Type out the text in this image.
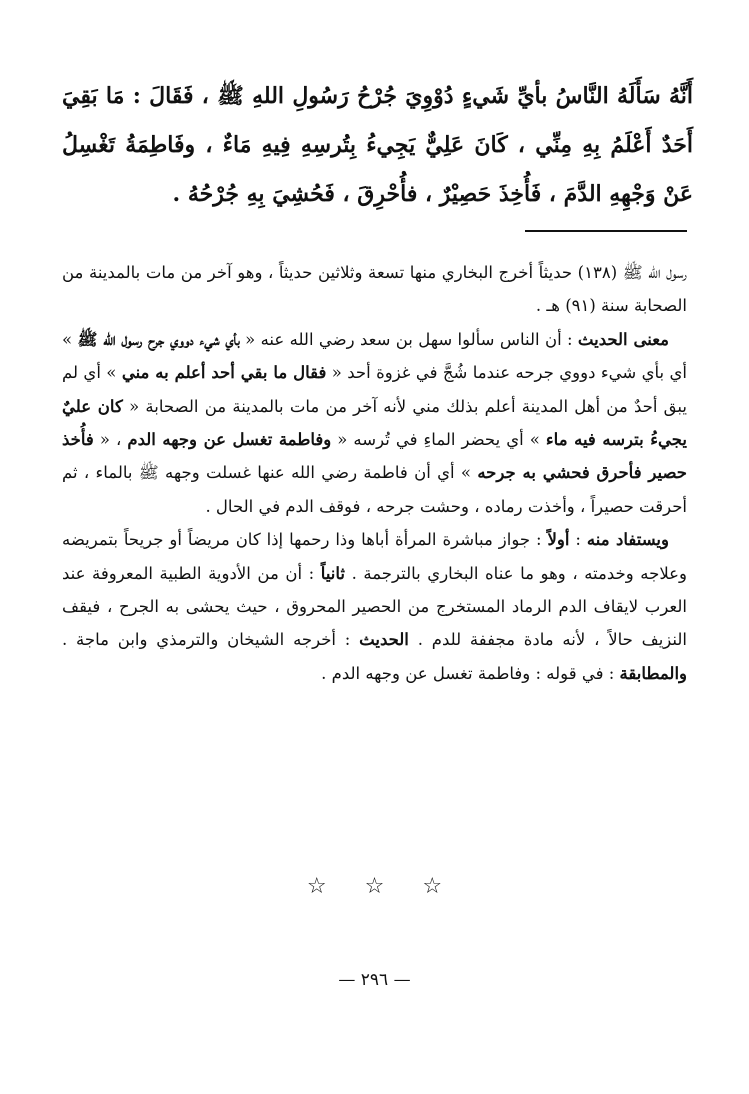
أَنَّهُ سَأَلَهُ النَّاسُ بأيِّ شَيءٍ دُوْوِيَ جُرْحُ رَسُولِ اللهِ ﷺ ، فَقَالَ : مَا بَقِيَ أَحَدٌ أَعْلَمُ بِهِ مِنِّي ، كَانَ عَلِيٌّ يَجِيءُ بِتُرسِهِ فِيهِ مَاءٌ ، وفَاطِمَةُ تَغْسِلُ عَنْ وَجْهِهِ الدَّمَ ، فَأُخِذَ حَصِيْرٌ ، فأُحْرِقَ ، فَحُشِيَ بِهِ جُرْحُهُ .

رسول الله ﷺ (١٣٨) حديثاً أخرج البخاري منها تسعة وثلاثين حديثاً ، وهو آخر من مات بالمدينة من الصحابة سنة (٩١) هـ .

معنى الحديث : أن الناس سألوا سهل بن سعد رضي الله عنه « بأي شيء دووي جرح رسول الله ﷺ » أي بأي شيء دووي جرحه عندما شُجَّ في غزوة أحد « فقال ما بقي أحد أعلم به مني » أي لم يبق أحدٌ من أهل المدينة أعلم بذلك مني لأنه آخر من مات بالمدينة من الصحابة « كان عليٌ يجيءُ بترسه فيه ماء » أي يحضر الماءِ في تُرسه « وفاطمة تغسل عن وجهه الدم ، « فأُخذ حصير فأحرق فحشي به جرحه » أي أن فاطمة رضي الله عنها غسلت وجهه ﷺ بالماء ، ثم أحرقت حصيراً ، وأخذت رماده ، وحشت جرحه ، فوقف الدم في الحال .

ويستفاد منه : أولاً : جواز مباشرة المرأة أباها وذا رحمها إذا كان مريضاً أو جريحاً بتمريضه وعلاجه وخدمته ، وهو ما عناه البخاري بالترجمة . ثانياً : أن من الأدوية الطبية المعروفة عند العرب لايقاف الدم الرماد المستخرج من الحصير المحروق ، حيث يحشى به الجرح ، فيقف النزيف حالاً ، لأنه مادة مجففة للدم . الحديث : أخرجه الشيخان والترمذي وابن ماجة . والمطابقة : في قوله : وفاطمة تغسل عن وجهه الدم .

☆ ☆ ☆
— ٢٩٦ —
